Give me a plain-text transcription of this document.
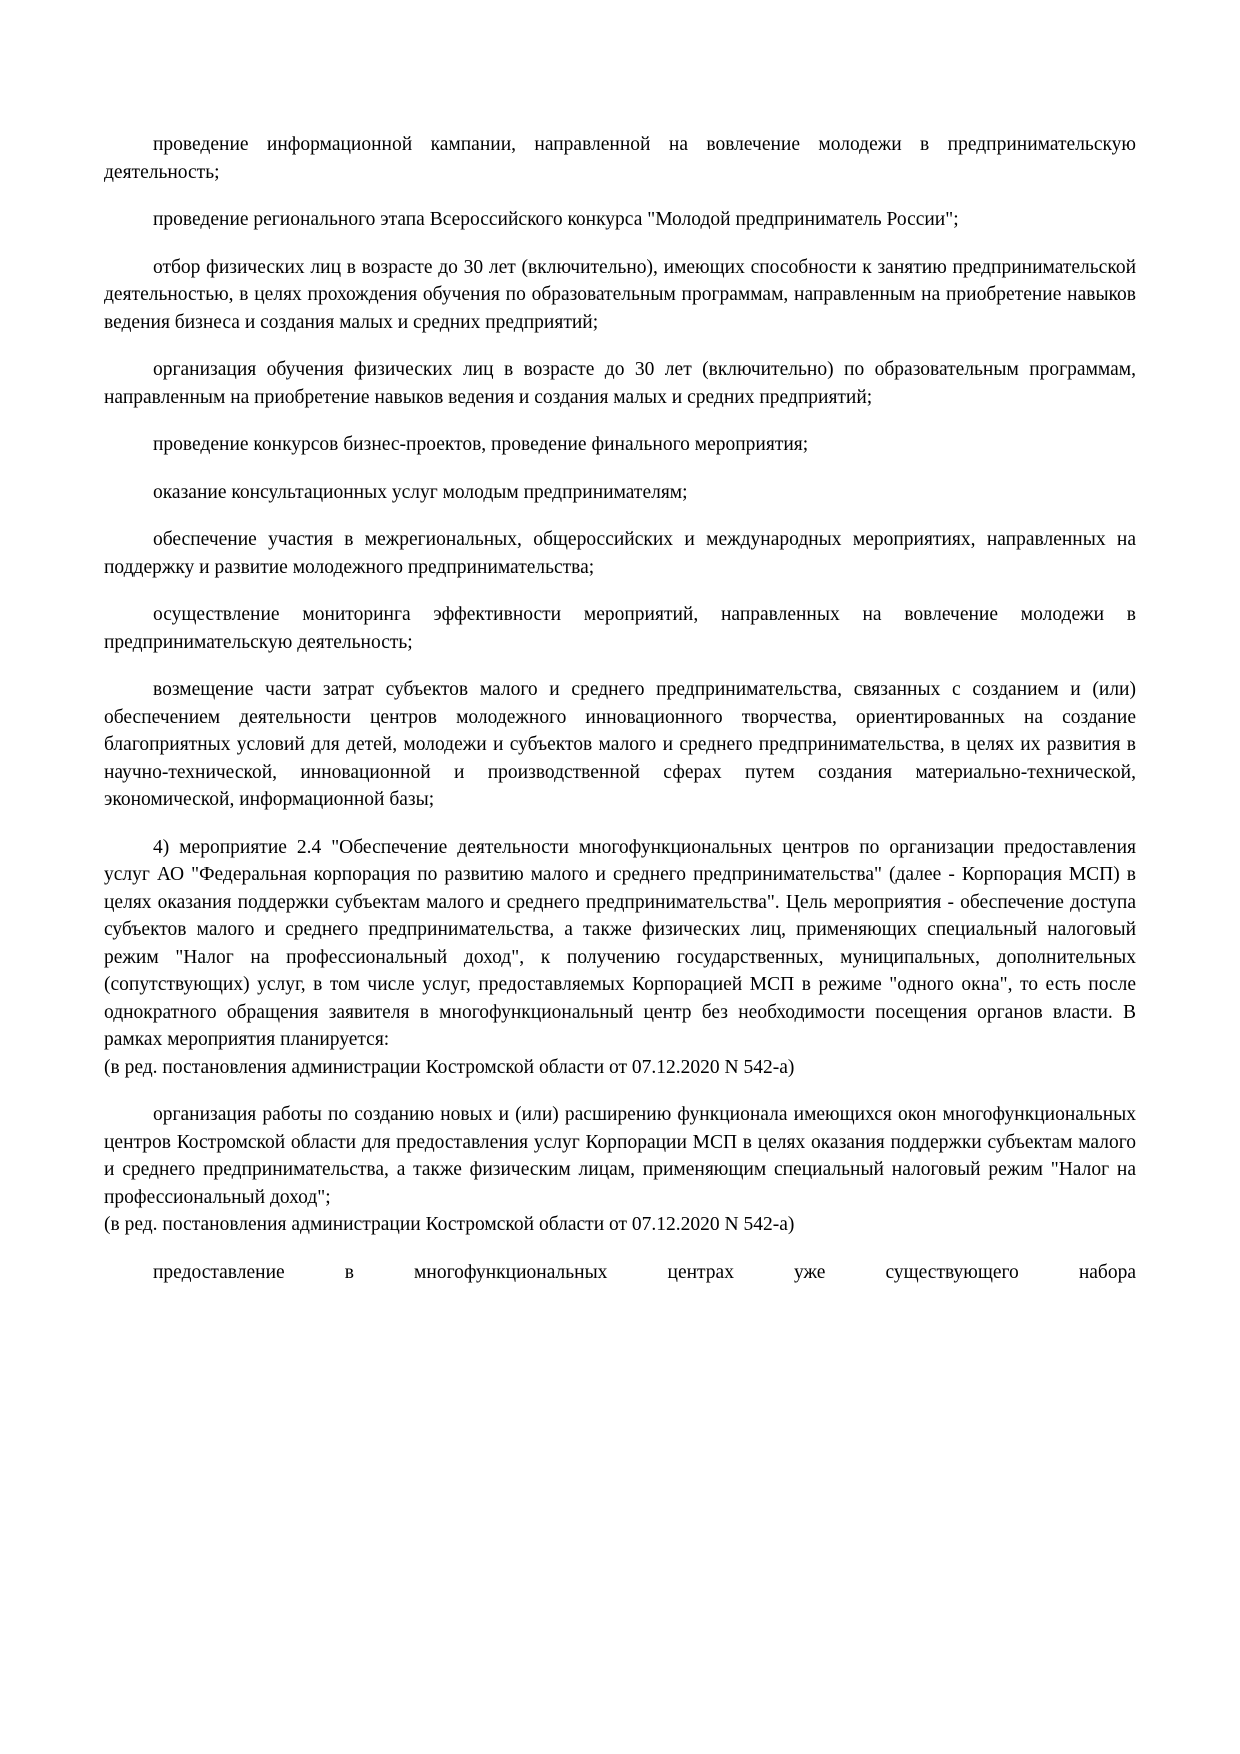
проведение информационной кампании, направленной на вовлечение молодежи в предпринимательскую деятельность;

проведение регионального этапа Всероссийского конкурса "Молодой предприниматель России";

отбор физических лиц в возрасте до 30 лет (включительно), имеющих способности к занятию предпринимательской деятельностью, в целях прохождения обучения по образовательным программам, направленным на приобретение навыков ведения бизнеса и создания малых и средних предприятий;

организация обучения физических лиц в возрасте до 30 лет (включительно) по образовательным программам, направленным на приобретение навыков ведения и создания малых и средних предприятий;

проведение конкурсов бизнес-проектов, проведение финального мероприятия;

оказание консультационных услуг молодым предпринимателям;

обеспечение участия в межрегиональных, общероссийских и международных мероприятиях, направленных на поддержку и развитие молодежного предпринимательства;

осуществление мониторинга эффективности мероприятий, направленных на вовлечение молодежи в предпринимательскую деятельность;

возмещение части затрат субъектов малого и среднего предпринимательства, связанных с созданием и (или) обеспечением деятельности центров молодежного инновационного творчества, ориентированных на создание благоприятных условий для детей, молодежи и субъектов малого и среднего предпринимательства, в целях их развития в научно-технической, инновационной и производственной сферах путем создания материально-технической, экономической, информационной базы;

4) мероприятие 2.4 "Обеспечение деятельности многофункциональных центров по организации предоставления услуг АО "Федеральная корпорация по развитию малого и среднего предпринимательства" (далее - Корпорация МСП) в целях оказания поддержки субъектам малого и среднего предпринимательства". Цель мероприятия - обеспечение доступа субъектов малого и среднего предпринимательства, а также физических лиц, применяющих специальный налоговый режим "Налог на профессиональный доход", к получению государственных, муниципальных, дополнительных (сопутствующих) услуг, в том числе услуг, предоставляемых Корпорацией МСП в режиме "одного окна", то есть после однократного обращения заявителя в многофункциональный центр без необходимости посещения органов власти. В рамках мероприятия планируется:

(в ред. постановления администрации Костромской области от 07.12.2020 N 542-а)

организация работы по созданию новых и (или) расширению функционала имеющихся окон многофункциональных центров Костромской области для предоставления услуг Корпорации МСП в целях оказания поддержки субъектам малого и среднего предпринимательства, а также физическим лицам, применяющим специальный налоговый режим "Налог на профессиональный доход";

(в ред. постановления администрации Костромской области от 07.12.2020 N 542-а)

предоставление в многофункциональных центрах уже существующего набора
